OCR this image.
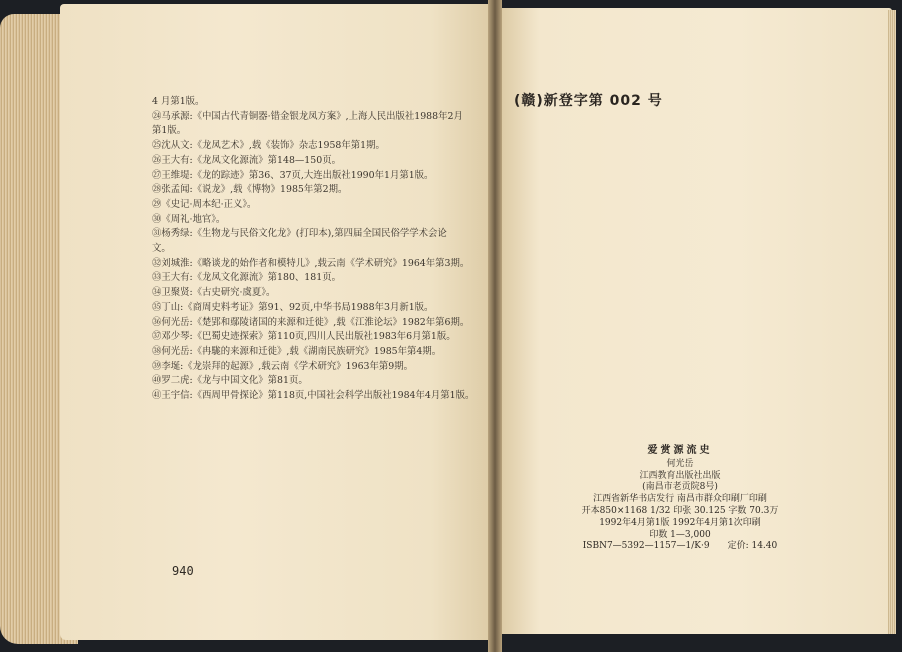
4 月第1版。
㉔马承源:《中国古代青铜器·错金银龙凤方案》,上海人民出版社1988年2月
第1版。
㉕沈从文:《龙凤艺术》,载《装饰》杂志1958年第1期。
㉖王大有:《龙凤文化源流》第148—150页。
㉗王维堤:《龙的踪迹》第36、37页,大连出版社1990年1月第1版。
㉘张孟闻:《说龙》,载《博物》1985年第2期。
㉙《史记·周本纪·正义》。
㉚《周礼·地官》。
㉛杨秀绿:《生物龙与民俗文化龙》(打印本),第四届全国民俗学学术会论
文。
㉜刘城淮:《略谈龙的始作者和模特儿》,载云南《学术研究》1964年第3期。
㉝王大有:《龙凤文化源流》第180、181页。
㉞卫聚贤:《古史研究·虞夏》。
㉟丁山:《商周史料考证》第91、92页,中华书局1988年3月新1版。
㊱何光岳:《楚郢和鄢陵诸国的来源和迁徙》,载《江淮论坛》1982年第6期。
㊲邓少琴:《巴蜀史迹探索》第110页,四川人民出版社1983年6月第1版。
㊳何光岳:《冉駹的来源和迁徙》,载《湖南民族研究》1985年第4期。
㊴李埏:《龙崇拜的起源》,载云南《学术研究》1963年第9期。
㊵罗二虎:《龙与中国文化》第81页。
㊶王宇信:《西周甲骨探论》第118页,中国社会科学出版社1984年4月第1版。
940
(赣)新登字第 002 号
爱赏源流史
何光岳
江西教育出版社出版
(南昌市老贡院8号)
江西省新华书店发行 南昌市群众印刷厂印刷
开本850×1168 1/32 印张 30.125 字数 70.3万
1992年4月第1版 1992年4月第1次印刷
印数 1—3,000
ISBN7—5392—1157—1/K·9 定价: 14.40
